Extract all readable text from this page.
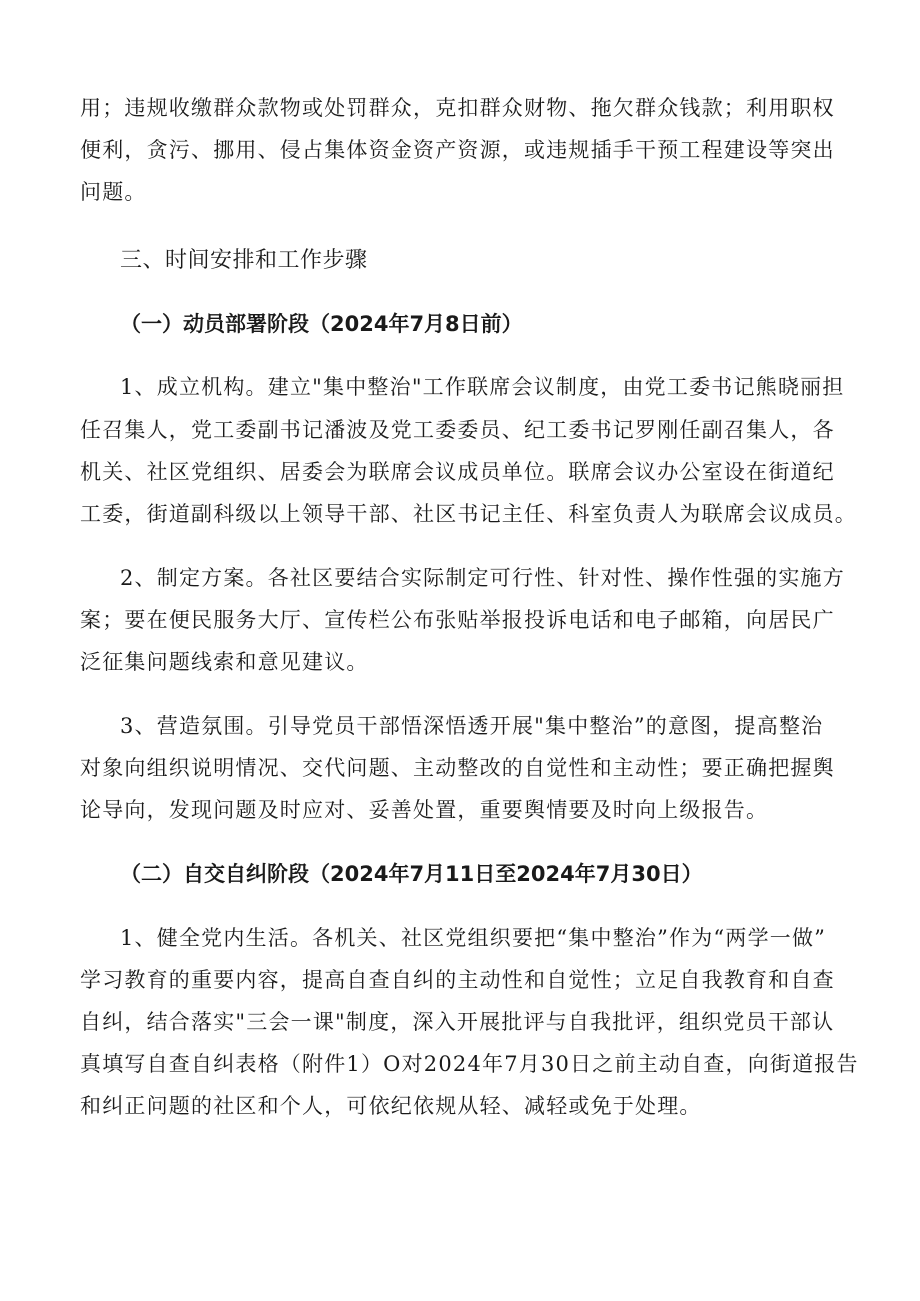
用；违规收缴群众款物或处罚群众，克扣群众财物、拖欠群众钱款；利用职权
便利，贪污、挪用、侵占集体资金资产资源，或违规插手干预工程建设等突出
问题。
三、时间安排和工作步骤
（一）动员部署阶段（2024年7月8日前）
1、成立机构。建立"集中整治"工作联席会议制度，由党工委书记熊晓丽担
任召集人，党工委副书记潘波及党工委委员、纪工委书记罗刚任副召集人，各
机关、社区党组织、居委会为联席会议成员单位。联席会议办公室设在街道纪
工委，街道副科级以上领导干部、社区书记主任、科室负责人为联席会议成员。
2、制定方案。各社区要结合实际制定可行性、针对性、操作性强的实施方
案；要在便民服务大厅、宣传栏公布张贴举报投诉电话和电子邮箱，向居民广
泛征集问题线索和意见建议。
3、营造氛围。引导党员干部悟深悟透开展"集中整治”的意图，提高整治
对象向组织说明情况、交代问题、主动整改的自觉性和主动性；要正确把握舆
论导向，发现问题及时应对、妥善处置，重要舆情要及时向上级报告。
（二）自交自纠阶段（2024年7月11日至2024年7月30日）
1、健全党内生活。各机关、社区党组织要把“集中整治”作为“两学一做”
学习教育的重要内容，提高自查自纠的主动性和自觉性；立足自我教育和自查
自纠，结合落实"三会一课"制度，深入开展批评与自我批评，组织党员干部认
真填写自查自纠表格（附件1）O对2024年7月30日之前主动自查，向街道报告
和纠正问题的社区和个人，可依纪依规从轻、减轻或免于处理。
